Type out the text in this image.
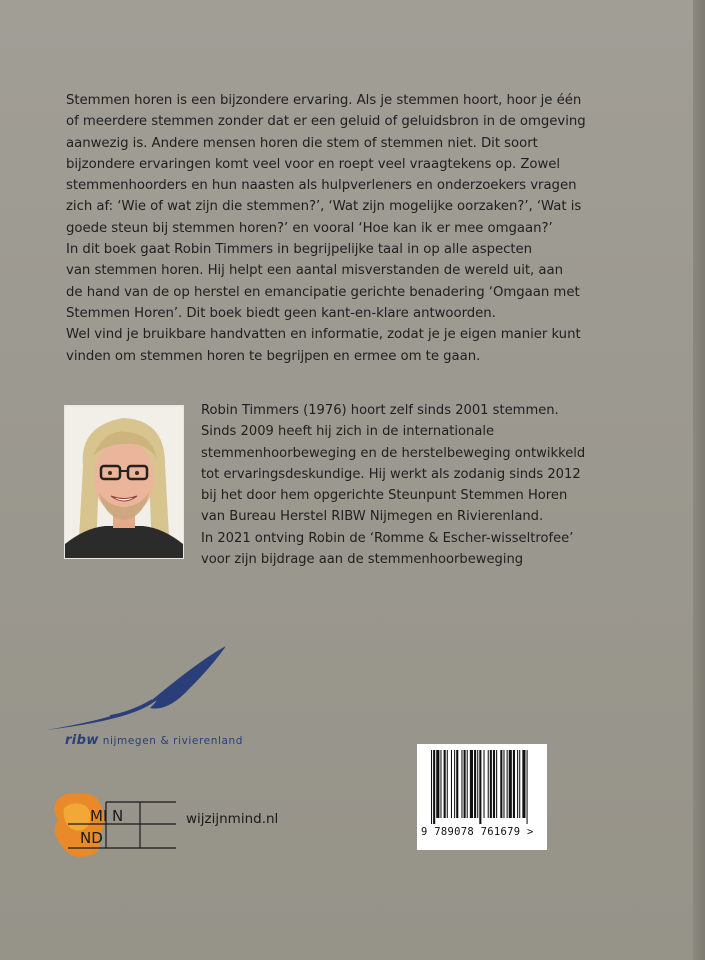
Stemmen horen is een bijzondere ervaring. Als je stemmen hoort, hoor je één
of meerdere stemmen zonder dat er een geluid of geluidsbron in de omgeving
aanwezig is. Andere mensen horen die stem of stemmen niet. Dit soort
bijzondere ervaringen komt veel voor en roept veel vraagtekens op. Zowel
stemmenhoorders en hun naasten als hulpverleners en onderzoekers vragen
zich af: ‘Wie of wat zijn die stemmen?’, ‘Wat zijn mogelijke oorzaken?’, ‘Wat is
goede steun bij stemmen horen?’ en vooral ‘Hoe kan ik er mee omgaan?’
In dit boek gaat Robin Timmers in begrijpelijke taal in op alle aspecten
van stemmen horen. Hij helpt een aantal misverstanden de wereld uit, aan
de hand van de op herstel en emancipatie gerichte benadering ‘Omgaan met
Stemmen Horen’. Dit boek biedt geen kant-en-klare antwoorden.
Wel vind je bruikbare handvatten en informatie, zodat je je eigen manier kunt
vinden om stemmen horen te begrijpen en ermee om te gaan.
Robin Timmers (1976) hoort zelf sinds 2001 stemmen.
Sinds 2009 heeft hij zich in de internationale
stemmenhoorbeweging en de herstelbeweging ontwikkeld
tot ervaringsdeskundige. Hij werkt als zodanig sinds 2012
bij het door hem opgerichte Steunpunt Stemmen Horen
van Bureau Herstel RIBW Nijmegen en Rivierenland.
In 2021 ontving Robin de ‘Romme & Escher-wisseltrofee’
voor zijn bijdrage aan de stemmenhoorbeweging
ribw nijmegen & rivierenland
MI N
ND
wijzijnmind.nl
9 789078 761679 >
